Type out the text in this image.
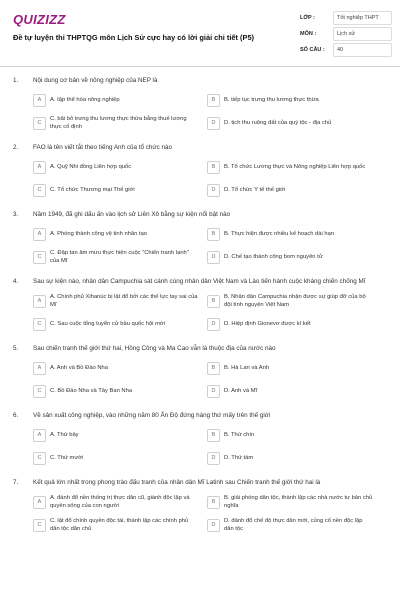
QUIZIZZ
Đề tự luyện thi THPTQG môn Lịch Sử cực hay có lời giải chi tiết (P5)
LỚP :	Tốt nghiệp THPT
MÔN :	Lịch sử
SỐ CÂU :	40
1.	Nội dung cơ bản về nông nghiệp của NEP là
A	A. tập thể hóa nông nghiệp	B	B. tiếp tục trưng thu lương thực thừa
C
C. bãi bỏ trưng thu lương thực thừa bằng thuế lương thực cố định
D	D. tịch thu ruộng đất của quý tộc - địa chủ
2.	FAO là tên viết tắt theo tiếng Anh của tổ chức nào
A	A. Quỹ Nhi đồng Liên hợp quốc	B	B. Tổ chức Lương thực và Nông nghiệp Liên hợp quốc
C	C. Tổ chức Thương mại Thế giới	D	D. Tổ chức Y tế thế giới
3.	Năm 1949, đã ghi dấu ấn vào lịch sử Liên Xô bằng sự kiện nổi bật nào
A	A. Phóng thành công vệ tinh nhân tạo	B	B. Thực hiện được nhiều kế hoạch dài hạn
C
C. Đập tan âm mưu thực hiện cuộc "Chiến tranh lạnh" của Mĩ
D	D. Chế tạo thành công bom nguyên tử
4.	Sau sự kiện nào, nhân dân Campuchia sát cánh cùng nhân dân Việt Nam và Lào tiến hành cuộc kháng chiến chống Mĩ
A
A. Chính phủ Xihanúc bị lật đổ bởi các thế lực tay sai của Mĩ
B
B. Nhân dân Campuchia nhận được sự giúp đỡ của bộ đội tình nguyện Việt Nam
C	C. Sau cuộc tổng tuyển cử bầu quốc hội mới	D	D. Hiệp định Gionevơ được kí kết
5.	Sau chiến tranh thế giới thứ hai, Hồng Công và Ma Cao vẫn là thuộc địa của nước nào
A	A. Anh và Bồ Đào Nha	B	B. Hà Lan và Anh
C	C. Bồ Đào Nha và Tây Ban Nha	D	D. Anh và Mĩ
6.	Về sản xuất công nghiệp, vào những năm 80 Ấn Độ đứng hàng thứ mấy trên thế giới
A	A. Thứ bảy	B	B. Thứ chín
C	C. Thứ mười	D	D. Thứ tám
7.	Kết quả lớn nhất trong phong trào đấu tranh của nhân dân Mĩ Latinh sau Chiến tranh thế giới thứ hai là
A
A. đánh đổ nền thống trị thực dân cũ, giành độc lập và quyền sống của con người
B
B. giải phóng dân tộc, thành lập các nhà nước tư bản chủ nghĩa
C
C. lật đổ chính quyền độc tài, thành lập các chính phủ dân tộc dân chủ
D
D. đánh đổ chế độ thực dân mới, củng cố nền độc lập dân tộc
